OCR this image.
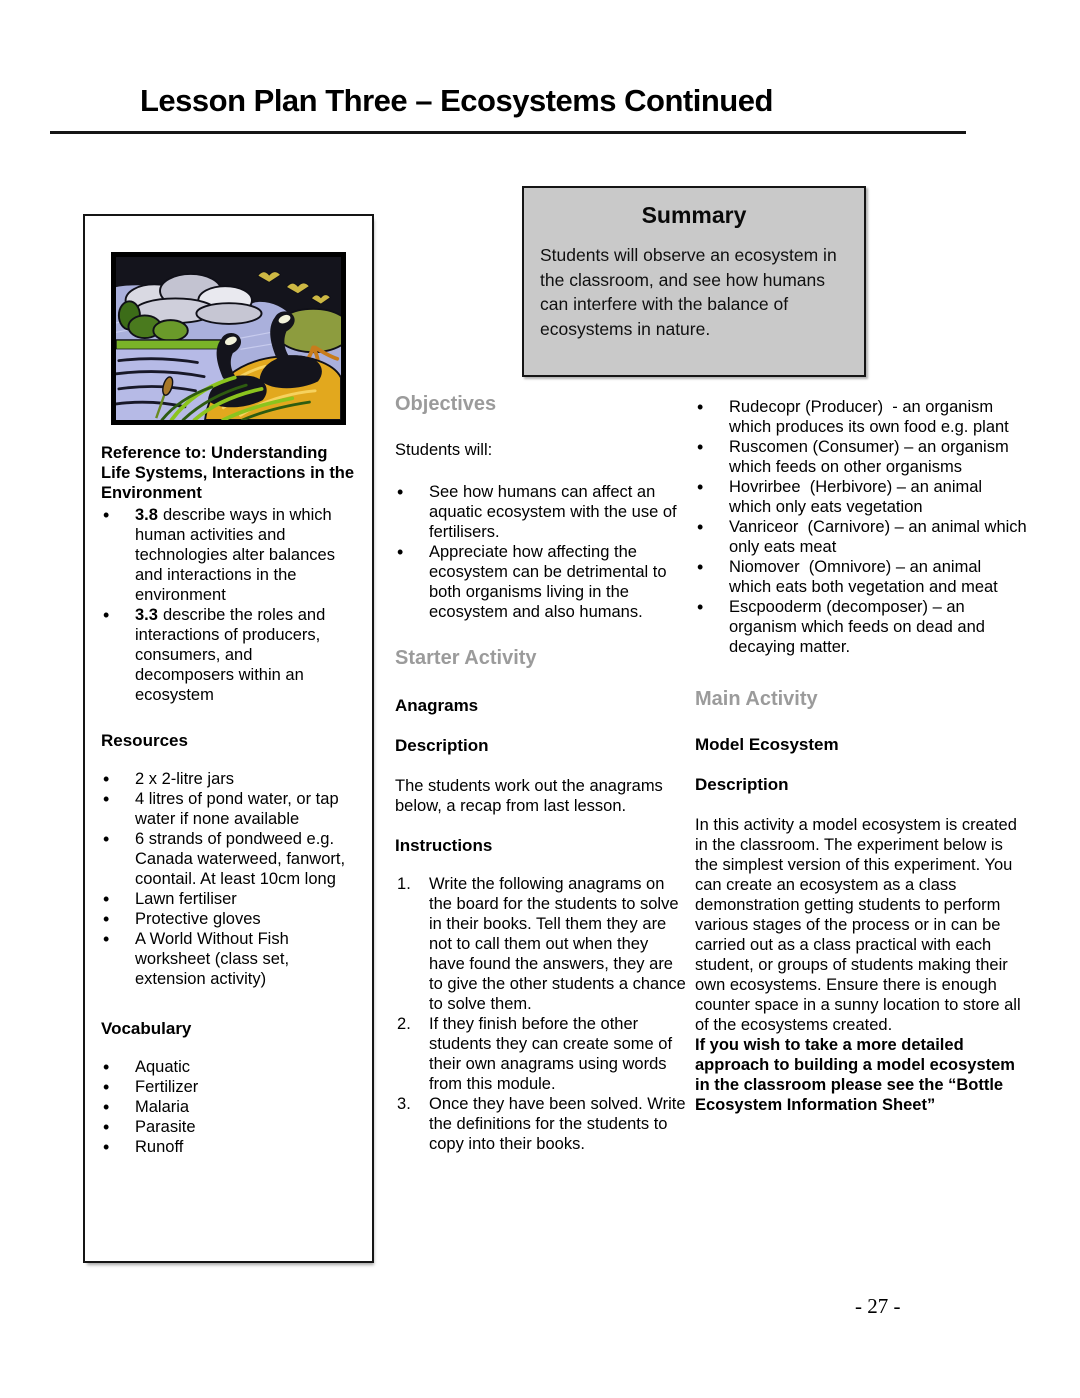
Lesson Plan Three – Ecosystems Continued
Reference to: Understanding Life Systems, Interactions in the Environment
• 3.8 describe ways in which human activities and technologies alter balances and interactions in the environment
• 3.3 describe the roles and interactions of producers, consumers, and decomposers within an ecosystem
Resources
• 2 x 2-litre jars
• 4 litres of pond water, or tap water if none available
• 6 strands of pondweed e.g. Canada waterweed, fanwort, coontail. At least 10cm long
• Lawn fertiliser
• Protective gloves
• A World Without Fish worksheet (class set, extension activity)
Vocabulary
• Aquatic
• Fertilizer
• Malaria
• Parasite
• Runoff
Summary

Students will observe an ecosystem in the classroom, and see how humans can interfere with the balance of ecosystems in nature.

Objectives

Students will:

• See how humans can affect an aquatic ecosystem with the use of fertilisers.
• Appreciate how affecting the ecosystem can be detrimental to both organisms living in the ecosystem and also humans.
Starter Activity
Anagrams
Description

The students work out the anagrams below, a recap from last lesson.

Instructions
Write the following anagrams on the board for the students to solve in their books. Tell them they are not to call them out when they have found the answers, they are to give the other students a chance to solve them.
If they finish before the other students they can create some of their own anagrams using words from this module.
Once they have been solved. Write the definitions for the students to copy into their books.
• Rudecopr (Producer)  - an organism which produces its own food e.g. plant
• Ruscomen (Consumer) – an organism which feeds on other organisms
• Hovrirbee  (Herbivore) – an animal which only eats vegetation
• Vanriceor  (Carnivore) – an animal which only eats meat
• Niomover  (Omnivore) – an animal which eats both vegetation and meat
• Escpooderm (decomposer) – an organism which feeds on dead and decaying matter.
Main Activity
Model Ecosystem
Description

In this activity a model ecosystem is created in the classroom. The experiment below is the simplest version of this experiment. You can create an ecosystem as a class demonstration getting students to perform various stages of the process or in can be carried out as a class practical with each student, or groups of students making their own ecosystems. Ensure there is enough counter space in a sunny location to store all of the ecosystems created.

If you wish to take a more detailed approach to building a model ecosystem in the classroom please see the “Bottle Ecosystem Information Sheet”

- 27 -
